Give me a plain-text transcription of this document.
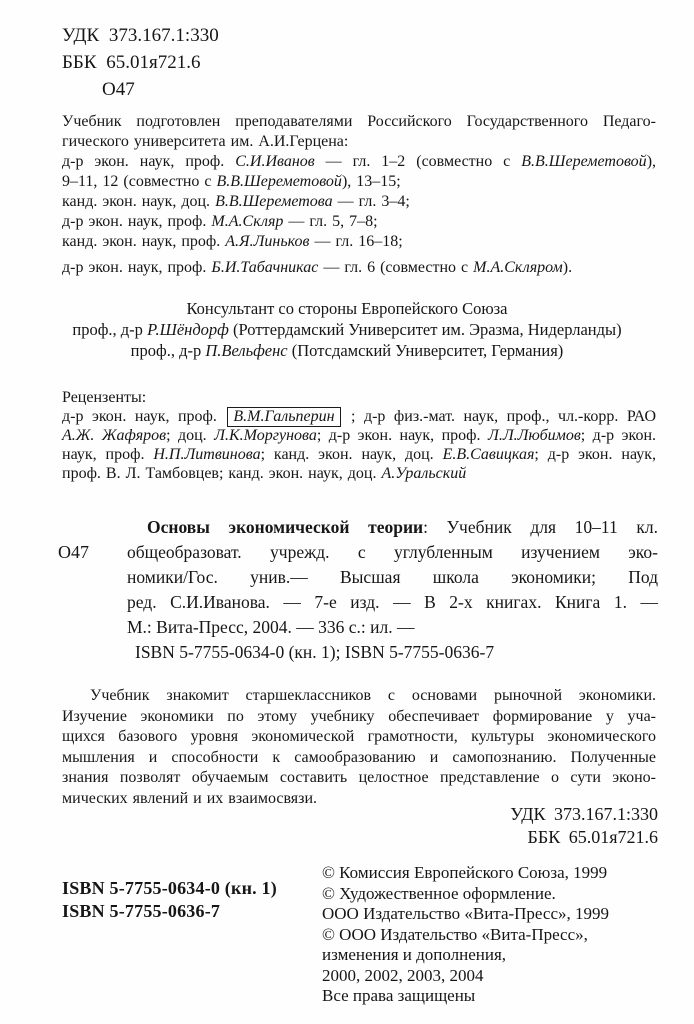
УДК 373.167.1:330
ББК 65.01я721.6
О47
Учебник подготовлен преподавателями Российского Государственного Педаго-
гического университета им. А.И.Герцена:
д-р экон. наук, проф. С.И.Иванов — гл. 1–2 (совместно с В.В.Шереметовой),
9–11, 12 (совместно с В.В.Шереметовой), 13–15;
канд. экон. наук, доц. В.В.Шереметова — гл. 3–4;
д-р экон. наук, проф. М.А.Скляр — гл. 5, 7–8;
канд. экон. наук, проф. А.Я.Линьков — гл. 16–18;
д-р экон. наук, проф. Б.И.Табачникас — гл. 6 (совместно с М.А.Скляром).
Консультант со стороны Европейского Союза
проф., д-р Р.Шёндорф (Роттердамский Университет им. Эразма, Нидерланды)
проф., д-р П.Вельфенс (Потсдамский Университет, Германия)
Рецензенты:
д-р экон. наук, проф. В.М.Гальперин ; д-р физ.-мат. наук, проф., чл.-корр. РАО
А.Ж. Жафяров; доц. Л.К.Моргунова; д-р экон. наук, проф. Л.Л.Любимов; д-р экон.
наук, проф. Н.П.Литвинова; канд. экон. наук, доц. Е.В.Савицкая; д-р экон. наук,
проф. В. Л. Тамбовцев; канд. экон. наук, доц. А.Уральский
О47
Основы экономической теории: Учебник для 10–11 кл.
общеобразоват. учрежд. с углубленным изучением эко-
номики/Гос. унив.— Высшая школа экономики; Под
ред. С.И.Иванова. — 7-е изд. — В 2-х книгах. Книга 1. —
М.: Вита-Пресс, 2004. — 336 с.: ил. —
ISBN 5-7755-0634-0 (кн. 1); ISBN 5-7755-0636-7
Учебник знакомит старшеклассников с основами рыночной экономики.
Изучение экономики по этому учебнику обеспечивает формирование у уча-
щихся базового уровня экономической грамотности, культуры экономического
мышления и способности к самообразованию и самопознанию. Полученные
знания позволят обучаемым составить целостное представление о сути эконо-
мических явлений и их взаимосвязи.
УДК 373.167.1:330
ББК 65.01я721.6
ISBN 5-7755-0634-0 (кн. 1)
ISBN 5-7755-0636-7
© Комиссия Европейского Союза, 1999
© Художественное оформление.
ООО Издательство «Вита-Пресс», 1999
© ООО Издательство «Вита-Пресс»,
изменения и дополнения,
2000, 2002, 2003, 2004
Все права защищены
